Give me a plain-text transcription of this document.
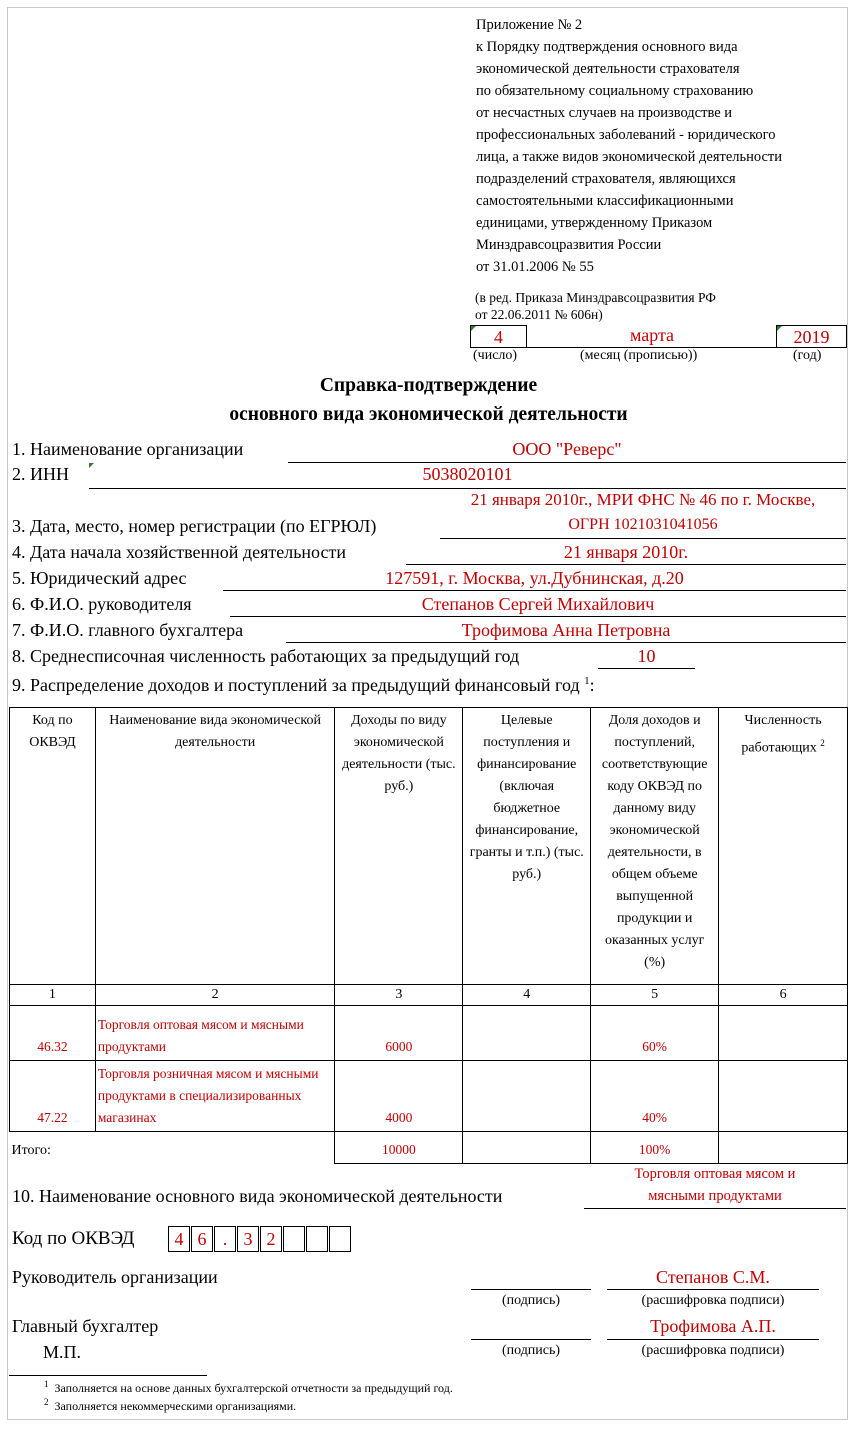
Приложение № 2
к Порядку подтверждения основного вида
экономической деятельности страхователя
по обязательному социальному страхованию
от несчастных случаев на производстве и
профессиональных заболеваний - юридического
лица, а также видов экономической деятельности
подразделений страхователя, являющихся
самостоятельными классификационными
единицами, утвержденному Приказом
Минздравсоцразвития России
от 31.01.2006 № 55
(в ред. Приказа Минздравсоцразвития РФ
от 22.06.2011 № 606н)
4	марта	2019
(число)	(месяц (прописью))	(год)
Справка-подтверждение
основного вида экономической деятельности
1. Наименование организации	ООО "Реверс"
2. ИНН	5038020101
21 января 2010г., МРИ ФНС № 46 по г. Москве,
3. Дата, место, номер регистрации (по ЕГРЮЛ)	ОГРН 1021031041056
4. Дата начала хозяйственной деятельности	21 января 2010г.
5. Юридический адрес	127591, г. Москва, ул.Дубнинская, д.20
6. Ф.И.О. руководителя	Степанов Сергей Михайлович
7. Ф.И.О. главного бухгалтера	Трофимова Анна Петровна
8. Среднесписочная численность работающих за предыдущий год	10
9. Распределение доходов и поступлений за предыдущий финансовый год $^1$:
Код по ОКВЭД	Наименование вида экономической деятельности	Доходы по виду экономической деятельности (тыс. руб.)	Целевые поступления и финансирование (включая бюджетное финансирование, гранты и т.п.) (тыс. руб.)	Доля доходов и поступлений, соответствующие коду ОКВЭД по данному виду экономической деятельности, в общем объеме выпущенной продукции и оказанных услуг (%)	Численность работающих $^2$
1	2	3	4	5	6
46.32	Торговля оптовая мясом и мясными продуктами	6000		60%	
47.22	Торговля розничная мясом и мясными продуктами в специализированных магазинах	4000		40%	
Итого:		10000		100%	
10. Наименование основного вида экономической деятельности
Торговля оптовая мясом и
мясными продуктами
Код по ОКВЭД	4 6 . 3 2
Руководитель организации	Степанов С.М.
(подпись)	(расшифровка подписи)
Главный бухгалтер	Трофимова А.П.
М.П.	(подпись)	(расшифровка подписи)
$^1$ Заполняется на основе данных бухгалтерской отчетности за предыдущий год.
$^2$ Заполняется некоммерческими организациями.
